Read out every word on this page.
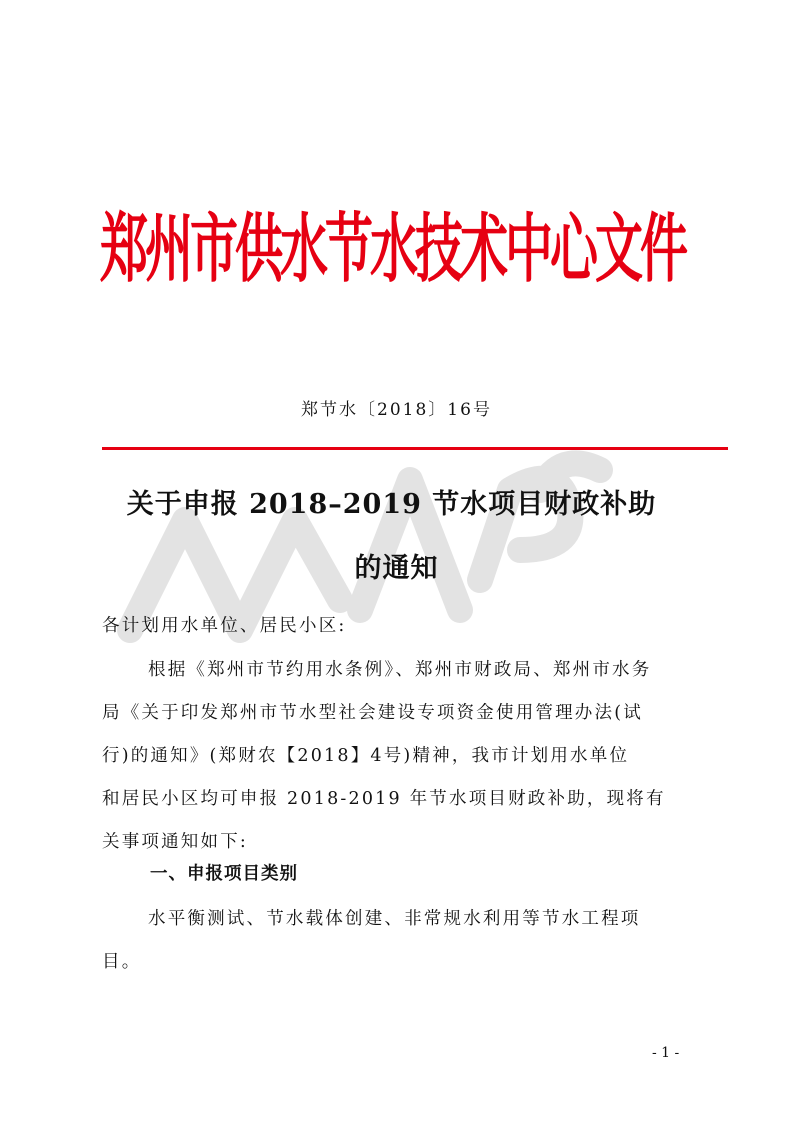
郑州市供水节水技术中心文件

郑节水〔2018〕16号

关于申报 2018–2019 节水项目财政补助
的通知

各计划用水单位、居民小区:

根据《郑州市节约用水条例》、郑州市财政局、郑州市水务

局《关于印发郑州市节水型社会建设专项资金使用管理办法(试

行)的通知》(郑财农【2018】4号)精神，我市计划用水单位

和居民小区均可申报 2018-2019 年节水项目财政补助，现将有

关事项通知如下:

一、申报项目类别

水平衡测试、节水载体创建、非常规水利用等节水工程项

目。

- 1 -
